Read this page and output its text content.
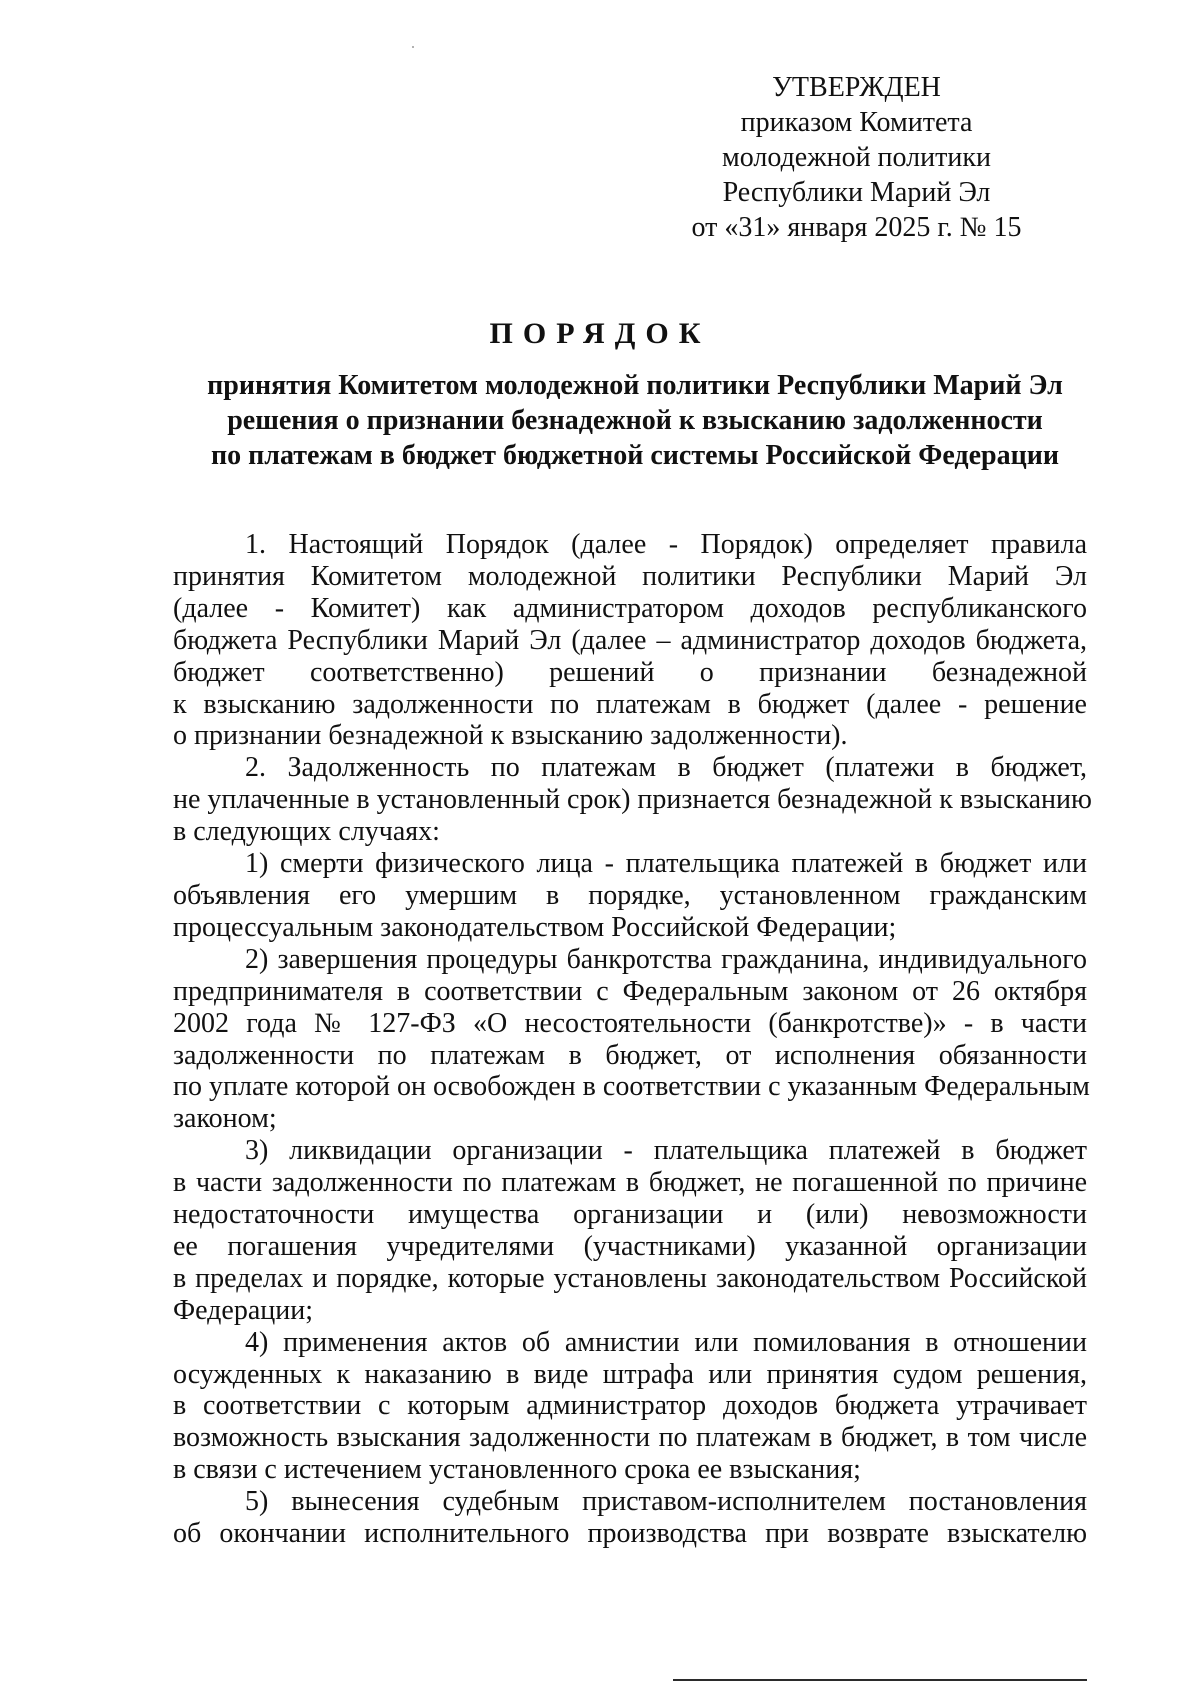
УТВЕРЖДЕН
приказом Комитета
молодежной политики
Республики Марий Эл
от «31» января 2025 г. № 15
ПОРЯДОК
принятия Комитетом молодежной политики Республики Марий Эл
решения о признании безнадежной к взысканию задолженности
по платежам в бюджет бюджетной системы Российской Федерации
1. Настоящий Порядок (далее - Порядок) определяет правила
принятия Комитетом молодежной политики Республики Марий Эл
(далее - Комитет) как администратором доходов республиканского
бюджета Республики Марий Эл (далее – администратор доходов бюджета,
бюджет соответственно) решений о признании безнадежной
к взысканию задолженности по платежам в бюджет (далее - решение
о признании безнадежной к взысканию задолженности).
2. Задолженность по платежам в бюджет (платежи в бюджет,
не уплаченные в установленный срок) признается безнадежной к взысканию
в следующих случаях:
1) смерти физического лица - плательщика платежей в бюджет или
объявления его умершим в порядке, установленном гражданским
процессуальным законодательством Российской Федерации;
2) завершения процедуры банкротства гражданина, индивидуального
предпринимателя в соответствии с Федеральным законом от 26 октября
2002 года № 127-ФЗ «О несостоятельности (банкротстве)» - в части
задолженности по платежам в бюджет, от исполнения обязанности
по уплате которой он освобожден в соответствии с указанным Федеральным
законом;
3) ликвидации организации - плательщика платежей в бюджет
в части задолженности по платежам в бюджет, не погашенной по причине
недостаточности имущества организации и (или) невозможности
ее погашения учредителями (участниками) указанной организации
в пределах и порядке, которые установлены законодательством Российской
Федерации;
4) применения актов об амнистии или помилования в отношении
осужденных к наказанию в виде штрафа или принятия судом решения,
в соответствии с которым администратор доходов бюджета утрачивает
возможность взыскания задолженности по платежам в бюджет, в том числе
в связи с истечением установленного срока ее взыскания;
5) вынесения судебным приставом-исполнителем постановления
об окончании исполнительного производства при возврате взыскателю
